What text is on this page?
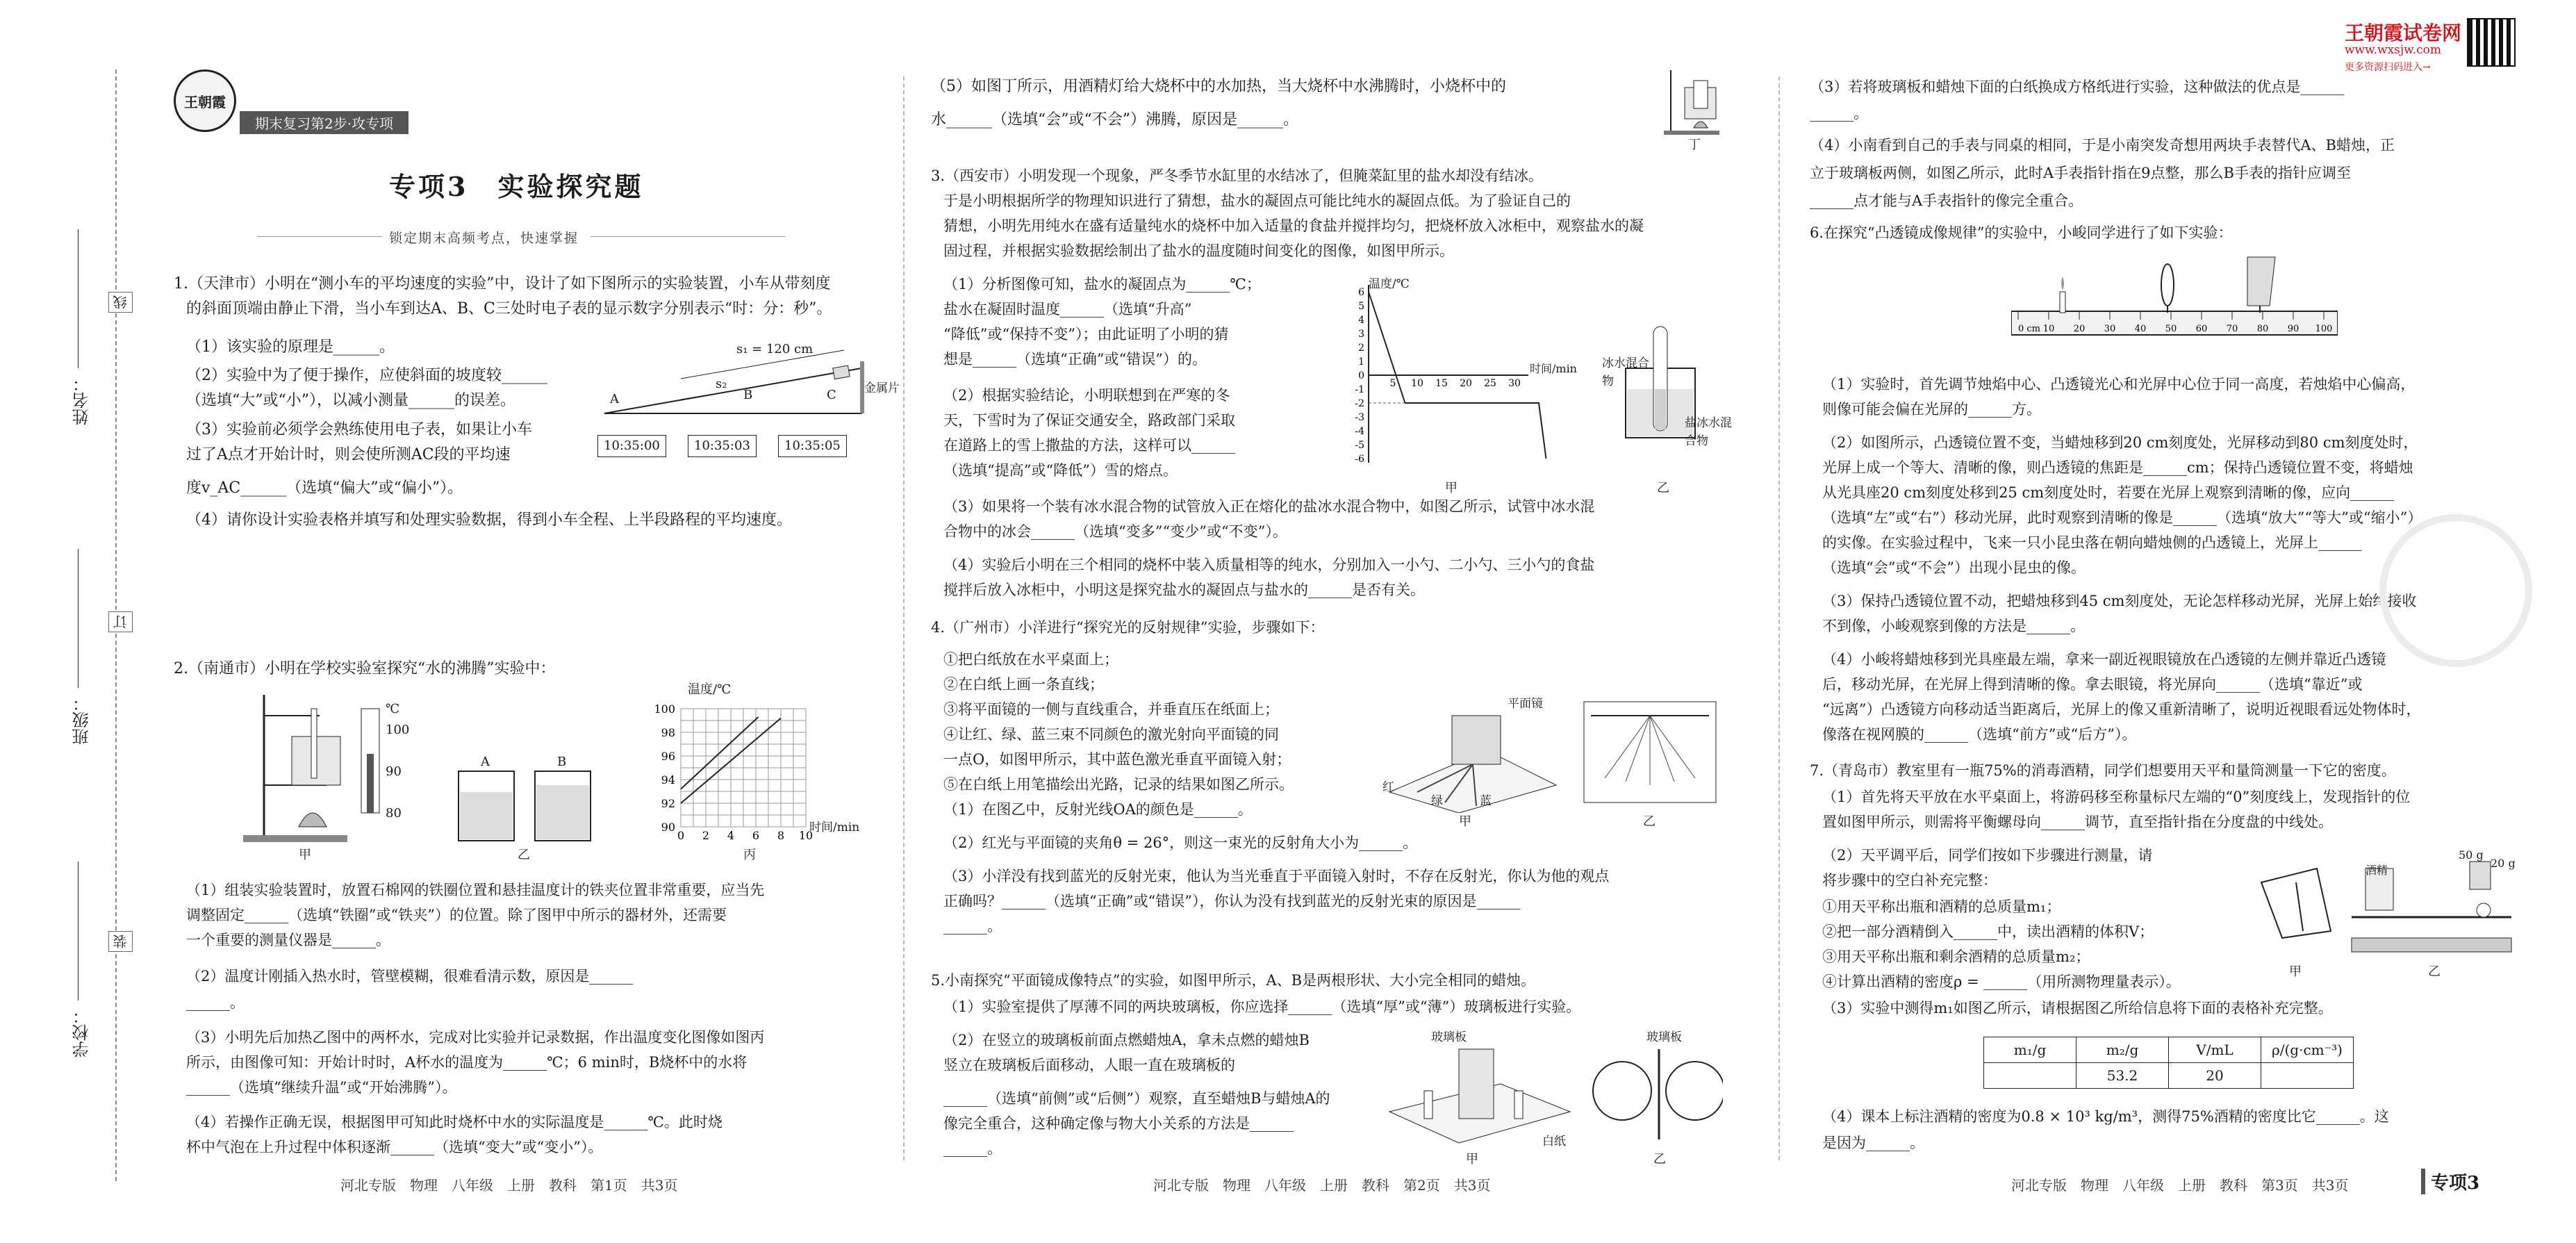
线
订
装
姓名：
班级：
学校：
王朝霞
期末复习第2步·攻专项
专项3　实验探究题
锁定期末高频考点，快速掌握
1.（天津市）小明在“测小车的平均速度的实验”中，设计了如下图所示的实验装置，小车从带刻度
的斜面顶端由静止下滑，当小车到达A、B、C三处时电子表的显示数字分别表示“时：分：秒”。
（1）该实验的原理是______。
（2）实验中为了便于操作，应使斜面的坡度较______
（选填“大”或“小”），以减小测量______的误差。
（3）实验前必须学会熟练使用电子表，如果让小车
过了A点才开始计时，则会使所测AC段的平均速
度v_AC______（选填“偏大”或“偏小”）。
（4）请你设计实验表格并填写和处理实验数据，得到小车全程、上半段路程的平均速度。
s₁ = 120 cm
s₂
A	B	C 金属片
10:35:00	10:35:03	10:35:05
2.（南通市）小明在学校实验室探究“水的沸腾”实验中：
℃
100
90
80
A	B
甲	乙
100
98
96
94
92
90
0 2 4 6 8 10
温度/℃
时间/min
丙
（1）组装实验装置时，放置石棉网的铁圈位置和悬挂温度计的铁夹位置非常重要，应当先
调整固定______（选填“铁圈”或“铁夹”）的位置。除了图甲中所示的器材外，还需要
一个重要的测量仪器是______。
（2）温度计刚插入热水时，管壁模糊，很难看清示数，原因是______
______。
（3）小明先后加热乙图中的两杯水，完成对比实验并记录数据，作出温度变化图像如图丙
所示，由图像可知：开始计时时，A杯水的温度为______℃；6 min时，B烧杯中的水将
______（选填“继续升温”或“开始沸腾”）。
（4）若操作正确无误，根据图甲可知此时烧杯中水的实际温度是______℃。此时烧
杯中气泡在上升过程中体积逐渐______（选填“变大”或“变小”）。
河北专版　物理　八年级　上册　教科　第1页　共3页
（5）如图丁所示，用酒精灯给大烧杯中的水加热，当大烧杯中水沸腾时，小烧杯中的
水______（选填“会”或“不会”）沸腾，原因是______。
丁
3.（西安市）小明发现一个现象，严冬季节水缸里的水结冰了，但腌菜缸里的盐水却没有结冰。
于是小明根据所学的物理知识进行了猜想，盐水的凝固点可能比纯水的凝固点低。为了验证自己的
猜想，小明先用纯水在盛有适量纯水的烧杯中加入适量的食盐并搅拌均匀，把烧杯放入冰柜中，观察盐水的凝
固过程，并根据实验数据绘制出了盐水的温度随时间变化的图像，如图甲所示。
（1）分析图像可知，盐水的凝固点为______℃；
盐水在凝固时温度______（选填“升高”
“降低”或“保持不变”）；由此证明了小明的猜
想是______（选填“正确”或“错误”）的。
（2）根据实验结论，小明联想到在严寒的冬
天，下雪时为了保证交通安全，路政部门采取
在道路上的雪上撒盐的方法，这样可以______
（选填“提高”或“降低”）雪的熔点。
（3）如果将一个装有冰水混合物的试管放入正在熔化的盐冰水混合物中，如图乙所示，试管中冰水混
合物中的冰会______（选填“变多”“变少”或“不变”）。
（4）实验后小明在三个相同的烧杯中装入质量相等的纯水，分别加入一小勺、二小勺、三小勺的食盐
搅拌后放入冰柜中，小明这是探究盐水的凝固点与盐水的______是否有关。
6
5
4
3
2
1
0
-1
-2
-3
-4
-5
-6
5 10 15 20 25 30
温度/℃
时间/min
甲
冰水混合物
盐冰水混合物
乙
4.（广州市）小洋进行“探究光的反射规律”实验，步骤如下：
①把白纸放在水平桌面上；
②在白纸上画一条直线；
③将平面镜的一侧与直线重合，并垂直压在纸面上；
④让红、绿、蓝三束不同颜色的激光射向平面镜的同
一点O，如图甲所示，其中蓝色激光垂直平面镜入射；
⑤在白纸上用笔描绘出光路，记录的结果如图乙所示。
（1）在图乙中，反射光线OA的颜色是______。
（2）红光与平面镜的夹角θ = 26°，则这一束光的反射角大小为______。
（3）小洋没有找到蓝光的反射光束，他认为当光垂直于平面镜入射时，不存在反射光，你认为他的观点
正确吗？______（选填“正确”或“错误”），你认为没有找到蓝光的反射光束的原因是______
______。
平面镜
红
绿	蓝
甲	乙
5.小南探究“平面镜成像特点”的实验，如图甲所示，A、B是两根形状、大小完全相同的蜡烛。
（1）实验室提供了厚薄不同的两块玻璃板，你应选择______（选填“厚”或“薄”）玻璃板进行实验。
（2）在竖立的玻璃板前面点燃蜡烛A，拿未点燃的蜡烛B
竖立在玻璃板后面移动，人眼一直在玻璃板的
______（选填“前侧”或“后侧”）观察，直至蜡烛B与蜡烛A的
像完全重合，这种确定像与物大小关系的方法是______
______。
玻璃板
白纸
玻璃板
甲	乙
河北专版　物理　八年级　上册　教科　第2页　共3页
王朝霞试卷网
www.wxsjw.com
更多资源扫码进入→
（3）若将玻璃板和蜡烛下面的白纸换成方格纸进行实验，这种做法的优点是______
______。
（4）小南看到自己的手表与同桌的相同，于是小南突发奇想用两块手表替代A、B蜡烛，正
立于玻璃板两侧，如图乙所示，此时A手表指针指在9点整，那么B手表的指针应调至
______点才能与A手表指针的像完全重合。
6.在探究“凸透镜成像规律”的实验中，小峻同学进行了如下实验：
0 cm 10 20 30 40 50 60 70 80 90 100
（1）实验时，首先调节烛焰中心、凸透镜光心和光屏中心位于同一高度，若烛焰中心偏高，
则像可能会偏在光屏的______方。
（2）如图所示，凸透镜位置不变，当蜡烛移到20 cm刻度处，光屏移动到80 cm刻度处时，
光屏上成一个等大、清晰的像，则凸透镜的焦距是______cm；保持凸透镜位置不变，将蜡烛
从光具座20 cm刻度处移到25 cm刻度处时，若要在光屏上观察到清晰的像，应向______
（选填“左”或“右”）移动光屏，此时观察到清晰的像是______（选填“放大”“等大”或“缩小”）
的实像。在实验过程中，飞来一只小昆虫落在朝向蜡烛侧的凸透镜上，光屏上______
（选填“会”或“不会”）出现小昆虫的像。
（3）保持凸透镜位置不动，把蜡烛移到45 cm刻度处，无论怎样移动光屏，光屏上始终接收
不到像，小峻观察到像的方法是______。
（4）小峻将蜡烛移到光具座最左端，拿来一副近视眼镜放在凸透镜的左侧并靠近凸透镜
后，移动光屏，在光屏上得到清晰的像。拿去眼镜，将光屏向______（选填“靠近”或
“远离”）凸透镜方向移动适当距离后，光屏上的像又重新清晰了，说明近视眼看远处物体时，
像落在视网膜的______（选填“前方”或“后方”）。
7.（青岛市）教室里有一瓶75%的消毒酒精，同学们想要用天平和量筒测量一下它的密度。
（1）首先将天平放在水平桌面上，将游码移至称量标尺左端的“0”刻度线上，发现指针的位
置如图甲所示，则需将平衡螺母向______调节，直至指针指在分度盘的中线处。
（2）天平调平后，同学们按如下步骤进行测量，请
将步骤中的空白补充完整：
①用天平称出瓶和酒精的总质量m₁；
②把一部分酒精倒入______中，读出酒精的体积V；
③用天平称出瓶和剩余酒精的总质量m₂；
④计算出酒精的密度ρ = ______（用所测物理量表示）。
（3）实验中测得m₁如图乙所示，请根据图乙所给信息将下面的表格补充完整。
50 g
20 g
酒精
甲	乙
m₁/g	m₂/g	V/mL	ρ/(g·cm⁻³)
	53.2	20	
（4）课本上标注酒精的密度为0.8 × 10³ kg/m³，测得75%酒精的密度比它______。这
是因为______。
河北专版　物理　八年级　上册　教科　第3页　共3页	专项3
